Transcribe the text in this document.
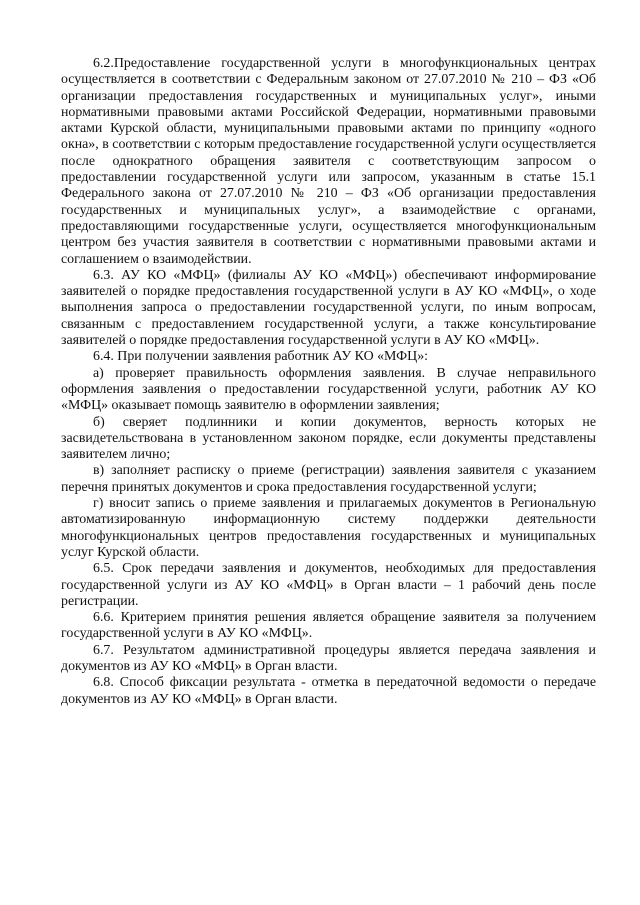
6.2.Предоставление государственной услуги в многофункциональных центрах осуществляется в соответствии с Федеральным законом от 27.07.2010 № 210 – ФЗ «Об организации предоставления государственных и муниципальных услуг», иными нормативными правовыми актами Российской Федерации, нормативными правовыми актами Курской области, муниципальными правовыми актами по принципу «одного окна», в соответствии с которым предоставление государственной услуги осуществляется после однократного обращения заявителя с соответствующим запросом о предоставлении государственной услуги или запросом, указанным в статье 15.1 Федерального закона от 27.07.2010 № 210 – ФЗ «Об организации предоставления государственных и муниципальных услуг», а взаимодействие с органами, предоставляющими государственные услуги, осуществляется многофункциональным центром без участия заявителя в соответствии с нормативными правовыми актами и соглашением о взаимодействии.

6.3. АУ КО «МФЦ» (филиалы АУ КО «МФЦ») обеспечивают информирование заявителей о порядке предоставления государственной услуги в АУ КО «МФЦ», о ходе выполнения запроса о предоставлении государственной услуги, по иным вопросам, связанным с предоставлением государственной услуги, а также консультирование заявителей о порядке предоставления государственной услуги в АУ КО «МФЦ».

6.4. При получении заявления работник АУ КО «МФЦ»:

а) проверяет правильность оформления заявления. В случае неправильного оформления заявления о предоставлении государственной услуги, работник АУ КО «МФЦ» оказывает помощь заявителю в оформлении заявления;

б) сверяет подлинники и копии документов, верность которых не засвидетельствована в установленном законом порядке, если документы представлены заявителем лично;

в) заполняет расписку о приеме (регистрации) заявления заявителя с указанием перечня принятых документов и срока предоставления государственной услуги;

г) вносит запись о приеме заявления и прилагаемых документов в Региональную автоматизированную информационную систему поддержки деятельности многофункциональных центров предоставления государственных и муниципальных услуг Курской области.

6.5. Срок передачи заявления и документов, необходимых для предоставления государственной услуги из АУ КО «МФЦ» в Орган власти – 1 рабочий день после регистрации.

6.6. Критерием принятия решения является обращение заявителя за получением государственной услуги в АУ КО «МФЦ».

6.7. Результатом административной процедуры является передача заявления и документов из АУ КО «МФЦ» в Орган власти.

6.8. Способ фиксации результата - отметка в передаточной ведомости о передаче документов из АУ КО «МФЦ» в Орган власти.
